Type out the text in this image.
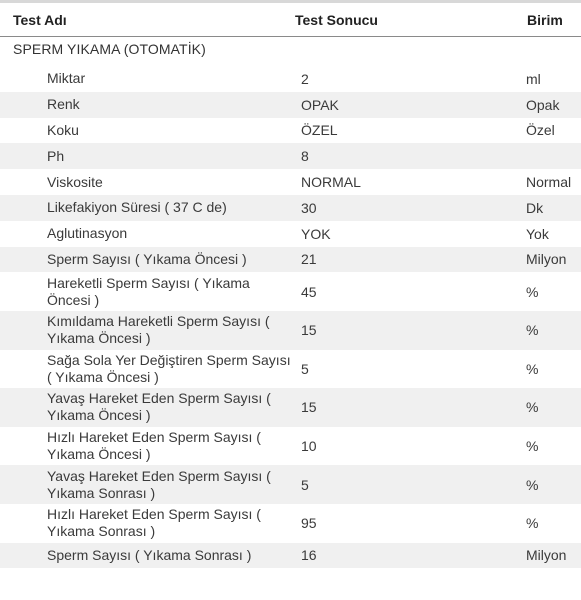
Test Adı	Test Sonucu	Birim
SPERM YIKAMA (OTOMATİK)
Miktar	2	ml
Renk	OPAK	Opak
Koku	ÖZEL	Özel
Ph	8
Viskosite	NORMAL	Normal
Likefakiyon Süresi ( 37 C de)	30	Dk
Aglutinasyon	YOK	Yok
Sperm Sayısı ( Yıkama Öncesi )	21	Milyon
Hareketli Sperm Sayısı ( Yıkama Öncesi )	45	%
Kımıldama Hareketli Sperm Sayısı ( Yıkama Öncesi )	15	%
Sağa Sola Yer Değiştiren Sperm Sayısı ( Yıkama Öncesi )	5	%
Yavaş Hareket Eden Sperm Sayısı ( Yıkama Öncesi )	15	%
Hızlı Hareket Eden Sperm Sayısı ( Yıkama Öncesi )	10	%
Yavaş Hareket Eden Sperm Sayısı ( Yıkama Sonrası )	5	%
Hızlı Hareket Eden Sperm Sayısı ( Yıkama Sonrası )	95	%
Sperm Sayısı ( Yıkama Sonrası )	16	Milyon
